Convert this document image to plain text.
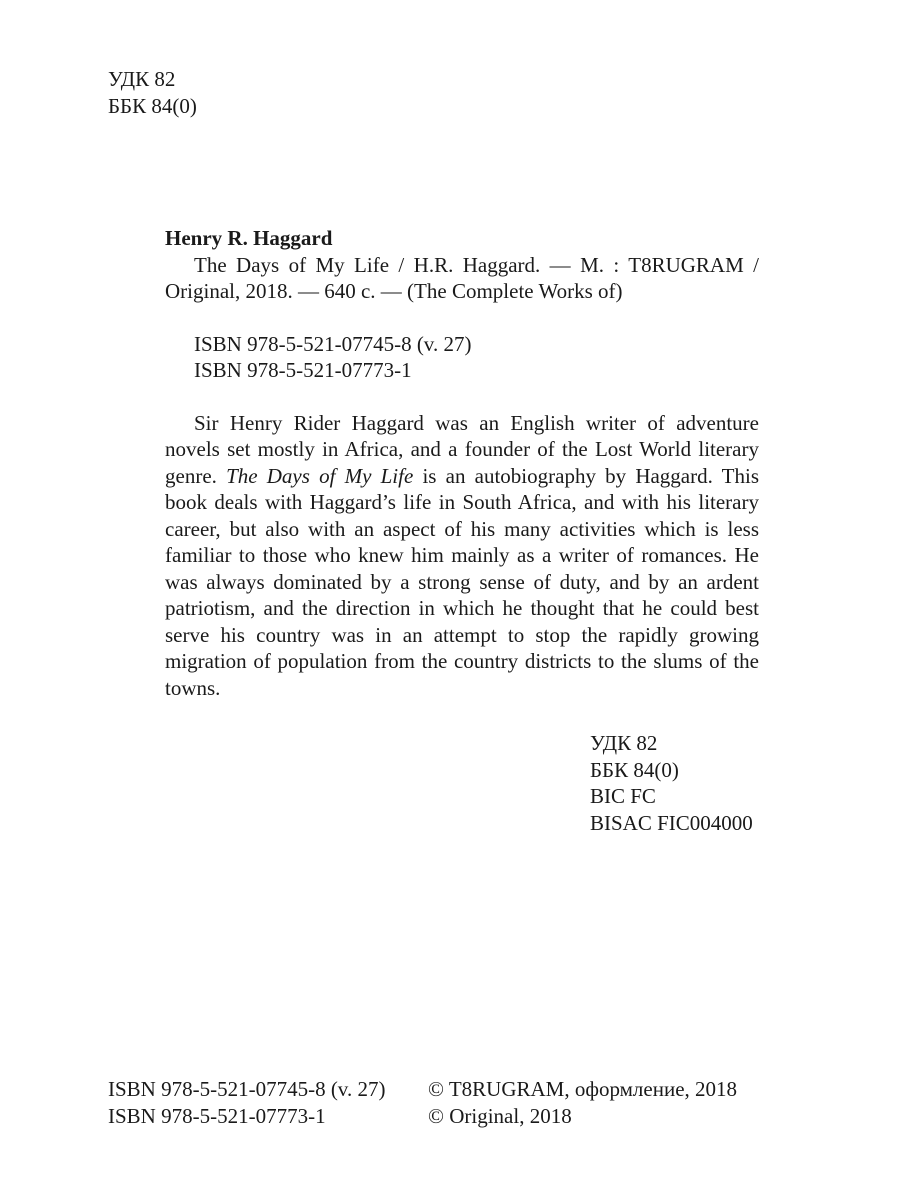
УДК 82
ББК 84(0)
Henry R. Haggard
The Days of My Life / H.R. Haggard. — M. : T8RUGRAM / Original, 2018. — 640 с. — (The Complete Works of)
ISBN 978-5-521-07745-8 (v. 27)
ISBN 978-5-521-07773-1
Sir Henry Rider Haggard was an English writer of adventure novels set mostly in Africa, and a founder of the Lost World literary genre. The Days of My Life is an autobiography by Haggard. This book deals with Haggard’s life in South Africa, and with his literary career, but also with an aspect of his many activities which is less familiar to those who knew him mainly as a writer of romances. He was always dominated by a strong sense of duty, and by an ardent patriotism, and the direction in which he thought that he could best serve his country was in an attempt to stop the rapidly growing migration of population from the country districts to the slums of the towns.
УДК 82
ББК 84(0)
BIC FC
BISAC FIC004000
ISBN 978-5-521-07745-8 (v. 27)
ISBN 978-5-521-07773-1
© T8RUGRAM, оформление, 2018
© Original, 2018
